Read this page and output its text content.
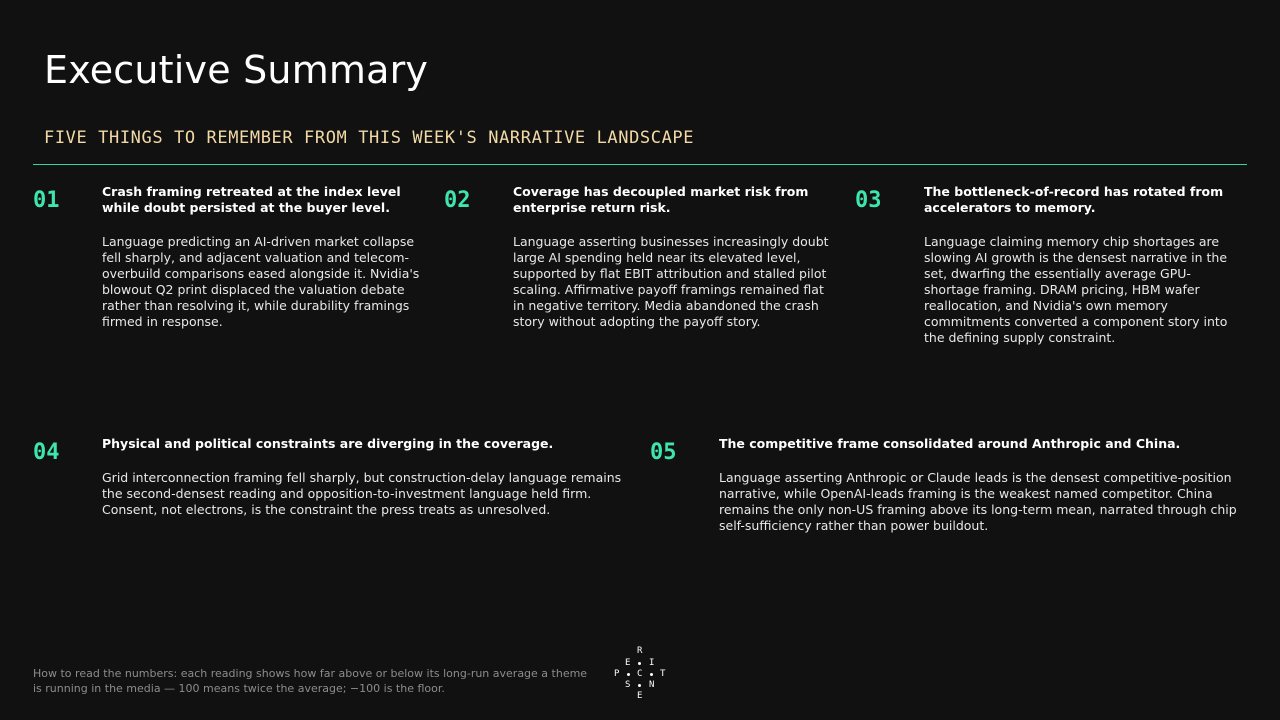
Executive Summary
FIVE THINGS TO REMEMBER FROM THIS WEEK'S NARRATIVE LANDSCAPE
01	Crash framing retreated at the index level while doubt persisted at the buyer level.
Language predicting an AI-driven market collapse fell sharply, and adjacent valuation and telecom-overbuild comparisons eased alongside it. Nvidia's blowout Q2 print displaced the valuation debate rather than resolving it, while durability framings firmed in response.
02	Coverage has decoupled market risk from enterprise return risk.
Language asserting businesses increasingly doubt large AI spending held near its elevated level, supported by flat EBIT attribution and stalled pilot scaling. Affirmative payoff framings remained flat in negative territory. Media abandoned the crash story without adopting the payoff story.
03	The bottleneck-of-record has rotated from accelerators to memory.
Language claiming memory chip shortages are slowing AI growth is the densest narrative in the set, dwarfing the essentially average GPU-shortage framing. DRAM pricing, HBM wafer reallocation, and Nvidia's own memory commitments converted a component story into the defining supply constraint.
04	Physical and political constraints are diverging in the coverage.
Grid interconnection framing fell sharply, but construction-delay language remains the second-densest reading and opposition-to-investment language held firm. Consent, not electrons, is the constraint the press treats as unresolved.
05	The competitive frame consolidated around Anthropic and China.
Language asserting Anthropic or Claude leads is the densest competitive-position narrative, while OpenAI-leads framing is the weakest named competitor. China remains the only non-US framing above its long-term mean, narrated through chip self-sufficiency rather than power buildout.
How to read the numbers: each reading shows how far above or below its long-run average a theme is running in the media — 100 means twice the average; −100 is the floor.
R
E I
P C T
S N
E
